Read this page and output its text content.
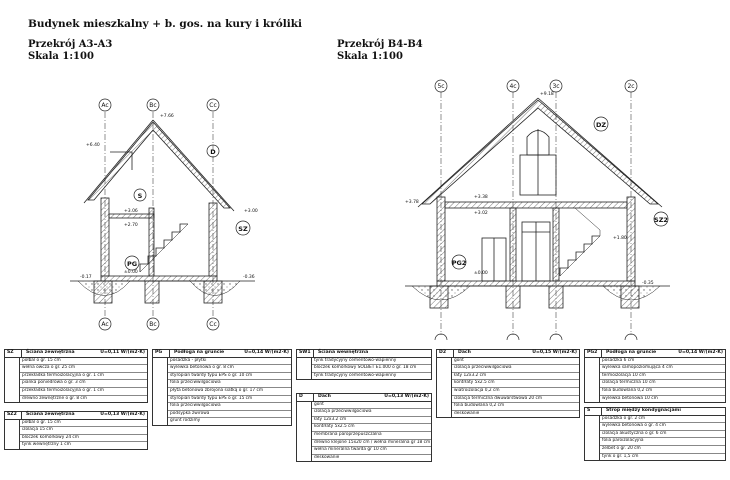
Budynek mieszkalny + b. gos. na kury i króliki
Przekrój A3-A3
Skala 1:100
Przekrój B4-B4
Skala 1:100
Ac	Bc	Cc
Ac	Bc	Cc
D
S
SZ
PG
+6.40
+7.66
+3.06
+2.70
+3.00
-0.17
±0.00
-0.36
5c	4c	3c	2c
DZ
SZ2
PG2
+9.18
+3.78
+3.38
+3.02
+1.80
±0.00
-0.35
SZ	Ściana zewnętrzna	U=0,11 W/(m2·K)
połbal o gr. 15 cm
wełna owcza o gr. 25 cm
przekładka termoizolacyjna o gr. 1 cm
pianka poniedrowa o gr. 3 cm
przekładka termoizolacyjna o gr. 1 cm
drewno zewnętrzne o gr. 8 cm
SZ2	Ściana zewnętrzna	U=0,13 W/(m2·K)
połbal o gr. 15 cm
izolacja 15 cm
bloczek komórkowy 24 cm
tynk wewnętrzny 1 cm
PG	Podłoga na gruncie	U=0,14 W/(m2·K)
posadzka - płytki
wylewka betonowa o gr. 8 cm
styropian twardy typu EPS o gr. 10 cm
folia przeciwwilgociowa
płyta betonowa zbrojona siatką o gr. 17 cm
styropian twardy typu EPS o gr. 15 cm
folia przeciwwilgociowa
podsypka żwirowa
grunt rodzimy
SW1	Ściana wewnętrzna
tynk tradycyjny cementowo-wapienny
bloczek komórkowy SOLBET E1.000 o gr. 18 cm
tynk tradycyjny cementowo-wapienny
D	Dach	U=0,13 W/(m2·K)
gont
izolacja przeciwwilgociowa
łaty 12x3.2 cm
kontrłaty 5x2.5 cm
membrana paroprzepuszczalna
drewno klejone 15x20 cm / wełna mineralna gr 18 cm
wełna mineralna twarda gr 10 cm
deskowanie
D2	Dach	U=0,15 W/(m2·K)
gont
izolacja przeciwwilgociowa
łaty 12x3.2 cm
kontrłaty 5x2.5 cm
wiatroizolacja 0,2 cm
izolacja termiczna dwuwarstwowa 20 cm
folia budowlana 0,2 cm
deskowanie
PG2	Podłoga na gruncie	U=0,14 W/(m2·K)
posadzka 6 cm
wylewka samopoziomująca 4 cm
termoizolacja 10 cm
izolacja termiczna 10 cm
folia budowlana 0,2 cm
wylewka betonowa 10 cm
S	Strop między kondygnacjami
posadzka o gr. 2 cm
wylewka betonowa o gr. 4 cm
izolacja akustyczna o gr. 6 cm
folia paroizolacyjna
żelbet o gr. 20 cm
tynk o gr. 1,5 cm
